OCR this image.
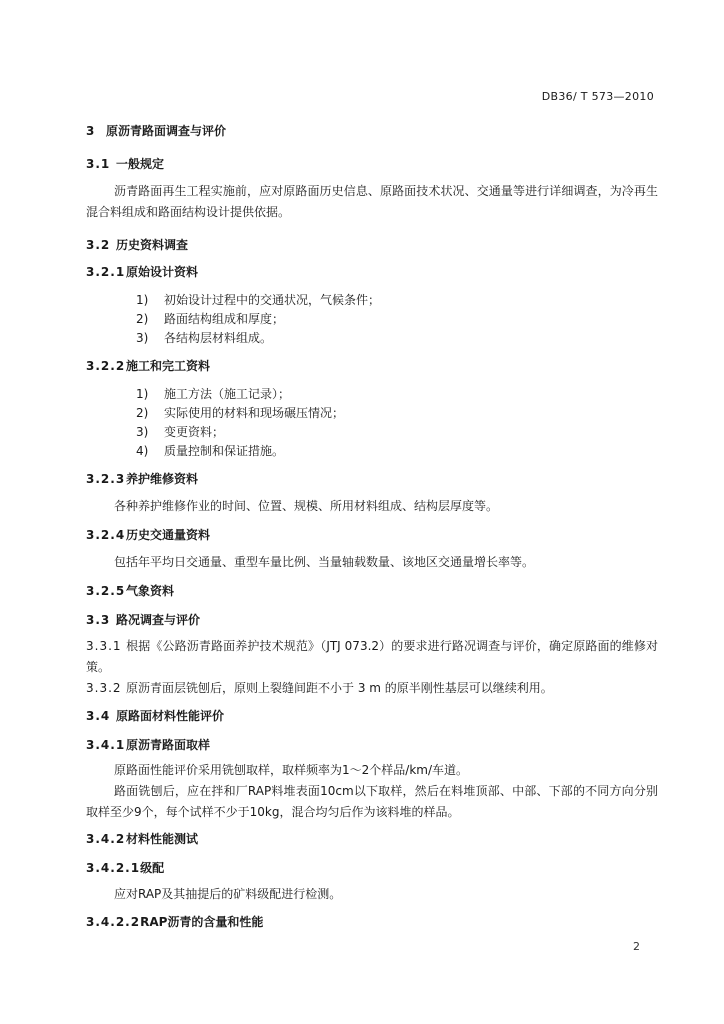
DB36/ T 573—2010
3 原沥青路面调查与评价
3.1 一般规定
沥青路面再生工程实施前，应对原路面历史信息、原路面技术状况、交通量等进行详细调查，为冷再生混合料组成和路面结构设计提供依据。
3.2 历史资料调查
3.2.1原始设计资料
1) 初始设计过程中的交通状况，气候条件；
2) 路面结构组成和厚度；
3) 各结构层材料组成。
3.2.2施工和完工资料
1) 施工方法（施工记录）；
2) 实际使用的材料和现场碾压情况；
3) 变更资料；
4) 质量控制和保证措施。
3.2.3养护维修资料
各种养护维修作业的时间、位置、规模、所用材料组成、结构层厚度等。
3.2.4历史交通量资料
包括年平均日交通量、重型车量比例、当量轴载数量、该地区交通量增长率等。
3.2.5气象资料
3.3 路况调查与评价
3.3.1 根据《公路沥青路面养护技术规范》（JTJ 073.2）的要求进行路况调查与评价，确定原路面的维修对策。
3.3.2 原沥青面层铣刨后，原则上裂缝间距不小于 3 m 的原半刚性基层可以继续利用。
3.4 原路面材料性能评价
3.4.1原沥青路面取样
原路面性能评价采用铣刨取样，取样频率为1～2个样品/km/车道。
路面铣刨后，应在拌和厂RAP料堆表面10cm以下取样，然后在料堆顶部、中部、下部的不同方向分别取样至少9个，每个试样不少于10kg，混合均匀后作为该料堆的样品。
3.4.2材料性能测试
3.4.2.1级配
应对RAP及其抽提后的矿料级配进行检测。
3.4.2.2RAP沥青的含量和性能
2
